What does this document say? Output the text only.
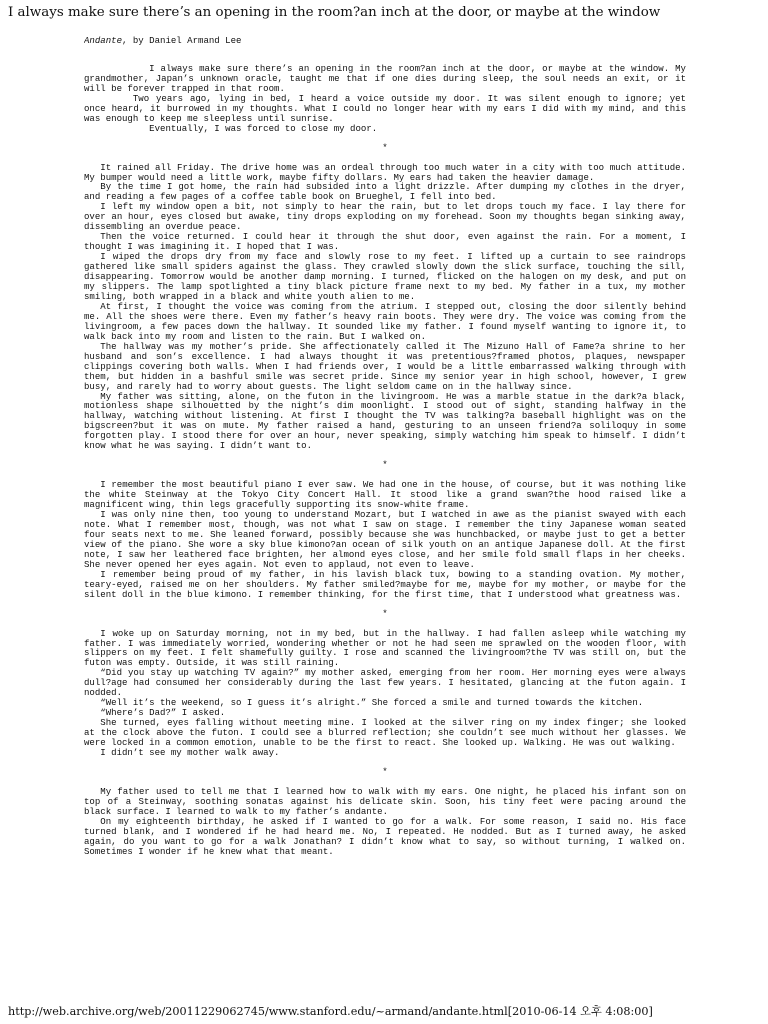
I always make sure thereʼs an opening in the room?an inch at the door, or maybe at the window
Andante, by Daniel Armand Lee

I always make sure there’s an opening in the room?an inch at the door, or maybe at the window. My grandmother, Japan’s unknown oracle, taught me that if one dies during sleep, the soul needs an exit, or it will be forever trapped in that room.

Two years ago, lying in bed, I heard a voice outside my door. It was silent enough to ignore; yet once heard, it burrowed in my thoughts. What I could no longer hear with my ears I did with my mind, and this was enough to keep me sleepless until sunrise.

Eventually, I was forced to close my door.

*

It rained all Friday. The drive home was an ordeal through too much water in a city with too much attitude. My bumper would need a little work, maybe fifty dollars. My ears had taken the heavier damage.

By the time I got home, the rain had subsided into a light drizzle. After dumping my clothes in the dryer, and reading a few pages of a coffee table book on Brueghel, I fell into bed.

I left my window open a bit, not simply to hear the rain, but to let drops touch my face. I lay there for over an hour, eyes closed but awake, tiny drops exploding on my forehead. Soon my thoughts began sinking away, dissembling an overdue peace.

Then the voice returned. I could hear it through the shut door, even against the rain. For a moment, I thought I was imagining it. I hoped that I was.

I wiped the drops dry from my face and slowly rose to my feet. I lifted up a curtain to see raindrops gathered like small spiders against the glass. They crawled slowly down the slick surface, touching the sill, disappearing. Tomorrow would be another damp morning. I turned, flicked on the halogen on my desk, and put on my slippers. The lamp spotlighted a tiny black picture frame next to my bed. My father in a tux, my mother smiling, both wrapped in a black and white youth alien to me.

At first, I thought the voice was coming from the atrium. I stepped out, closing the door silently behind me. All the shoes were there. Even my father’s heavy rain boots. They were dry. The voice was coming from the livingroom, a few paces down the hallway. It sounded like my father. I found myself wanting to ignore it, to walk back into my room and listen to the rain. But I walked on.

The hallway was my mother’s pride. She affectionately called it The Mizuno Hall of Fame?a shrine to her husband and son’s excellence. I had always thought it was pretentious?framed photos, plaques, newspaper clippings covering both walls. When I had friends over, I would be a little embarrassed walking through with them, but hidden in a bashful smile was secret pride. Since my senior year in high school, however, I grew busy, and rarely had to worry about guests. The light seldom came on in the hallway since.

My father was sitting, alone, on the futon in the livingroom. He was a marble statue in the dark?a black, motionless shape silhouetted by the night’s dim moonlight. I stood out of sight, standing halfway in the hallway, watching without listening. At first I thought the TV was talking?a baseball highlight was on the bigscreen?but it was on mute. My father raised a hand, gesturing to an unseen friend?a soliloquy in some forgotten play. I stood there for over an hour, never speaking, simply watching him speak to himself. I didn’t know what he was saying. I didn’t want to.

*

I remember the most beautiful piano I ever saw. We had one in the house, of course, but it was nothing like the white Steinway at the Tokyo City Concert Hall. It stood like a grand swan?the hood raised like a magnificent wing, thin legs gracefully supporting its snow-white frame.

I was only nine then, too young to understand Mozart, but I watched in awe as the pianist swayed with each note. What I remember most, though, was not what I saw on stage. I remember the tiny Japanese woman seated four seats next to me. She leaned forward, possibly because she was hunchbacked, or maybe just to get a better view of the piano. She wore a sky blue kimono?an ocean of silk youth on an antique Japanese doll. At the first note, I saw her leathered face brighten, her almond eyes close, and her smile fold small flaps in her cheeks. She never opened her eyes again. Not even to applaud, not even to leave.

I remember being proud of my father, in his lavish black tux, bowing to a standing ovation. My mother, teary-eyed, raised me on her shoulders. My father smiled?maybe for me, maybe for my mother, or maybe for the silent doll in the blue kimono. I remember thinking, for the first time, that I understood what greatness was.

*

I woke up on Saturday morning, not in my bed, but in the hallway. I had fallen asleep while watching my father. I was immediately worried, wondering whether or not he had seen me sprawled on the wooden floor, with slippers on my feet. I felt shamefully guilty. I rose and scanned the livingroom?the TV was still on, but the futon was empty. Outside, it was still raining.

“Did you stay up watching TV again?” my mother asked, emerging from her room. Her morning eyes were always dull?age had consumed her considerably during the last few years. I hesitated, glancing at the futon again. I nodded.

“Well it’s the weekend, so I guess it’s alright.” She forced a smile and turned towards the kitchen.

“Where’s Dad?” I asked.

She turned, eyes falling without meeting mine. I looked at the silver ring on my index finger; she looked at the clock above the futon. I could see a blurred reflection; she couldn’t see much without her glasses. We were locked in a common emotion, unable to be the first to react. She looked up. Walking. He was out walking.

I didn’t see my mother walk away.

*

My father used to tell me that I learned how to walk with my ears. One night, he placed his infant son on top of a Steinway, soothing sonatas against his delicate skin. Soon, his tiny feet were pacing around the black surface. I learned to walk to my father’s andante.

On my eighteenth birthday, he asked if I wanted to go for a walk. For some reason, I said no. His face turned blank, and I wondered if he had heard me. No, I repeated. He nodded. But as I turned away, he asked again, do you want to go for a walk Jonathan? I didn’t know what to say, so without turning, I walked on. Sometimes I wonder if he knew what that meant.

http://web.archive.org/web/20011229062745/www.stanford.edu/~armand/andante.html[2010-06-14 오후 4:08:00]
